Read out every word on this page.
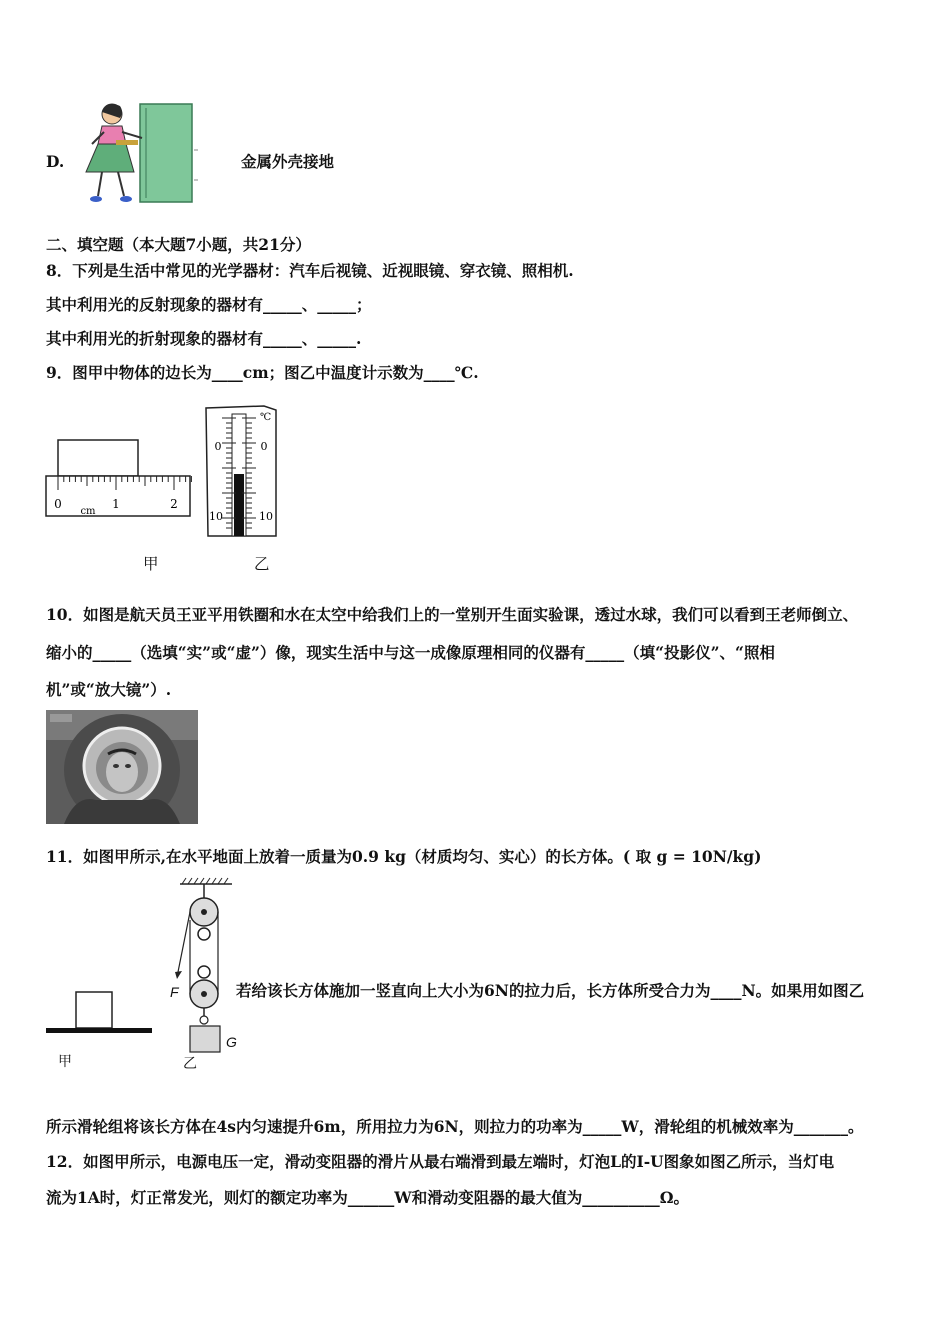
D.	金属外壳接地
二、填空题（本大题7小题，共21分）
8．下列是生活中常见的光学器材：汽车后视镜、近视眼镜、穿衣镜、照相机.
其中利用光的反射现象的器材有_____、_____；
其中利用光的折射现象的器材有_____、_____.
9．图甲中物体的边长为____cm；图乙中温度计示数为____℃.
0	1	2
cm
甲
℃
0	0
10	10
乙
10．如图是航天员王亚平用铁圈和水在太空中给我们上的一堂别开生面实验课，透过水球，我们可以看到王老师倒立、
缩小的_____（选填“实”或“虚”）像，现实生活中与这一成像原理相同的仪器有_____（填“投影仪”、“照相
机”或“放大镜”）.
11．如图甲所示,在水平地面上放着一质量为0.9 kg（材质均匀、实心）的长方体。( 取 g = 10N/kg)
甲
F
G
乙
若给该长方体施加一竖直向上大小为6N的拉力后，长方体所受合力为____N。如果用如图乙
所示滑轮组将该长方体在4s内匀速提升6m，所用拉力为6N，则拉力的功率为_____W，滑轮组的机械效率为_______。
12．如图甲所示，电源电压一定，滑动变阻器的滑片从最右端滑到最左端时，灯泡L的I-U图象如图乙所示，当灯电
流为1A时，灯正常发光，则灯的额定功率为______W和滑动变阻器的最大值为__________Ω。
